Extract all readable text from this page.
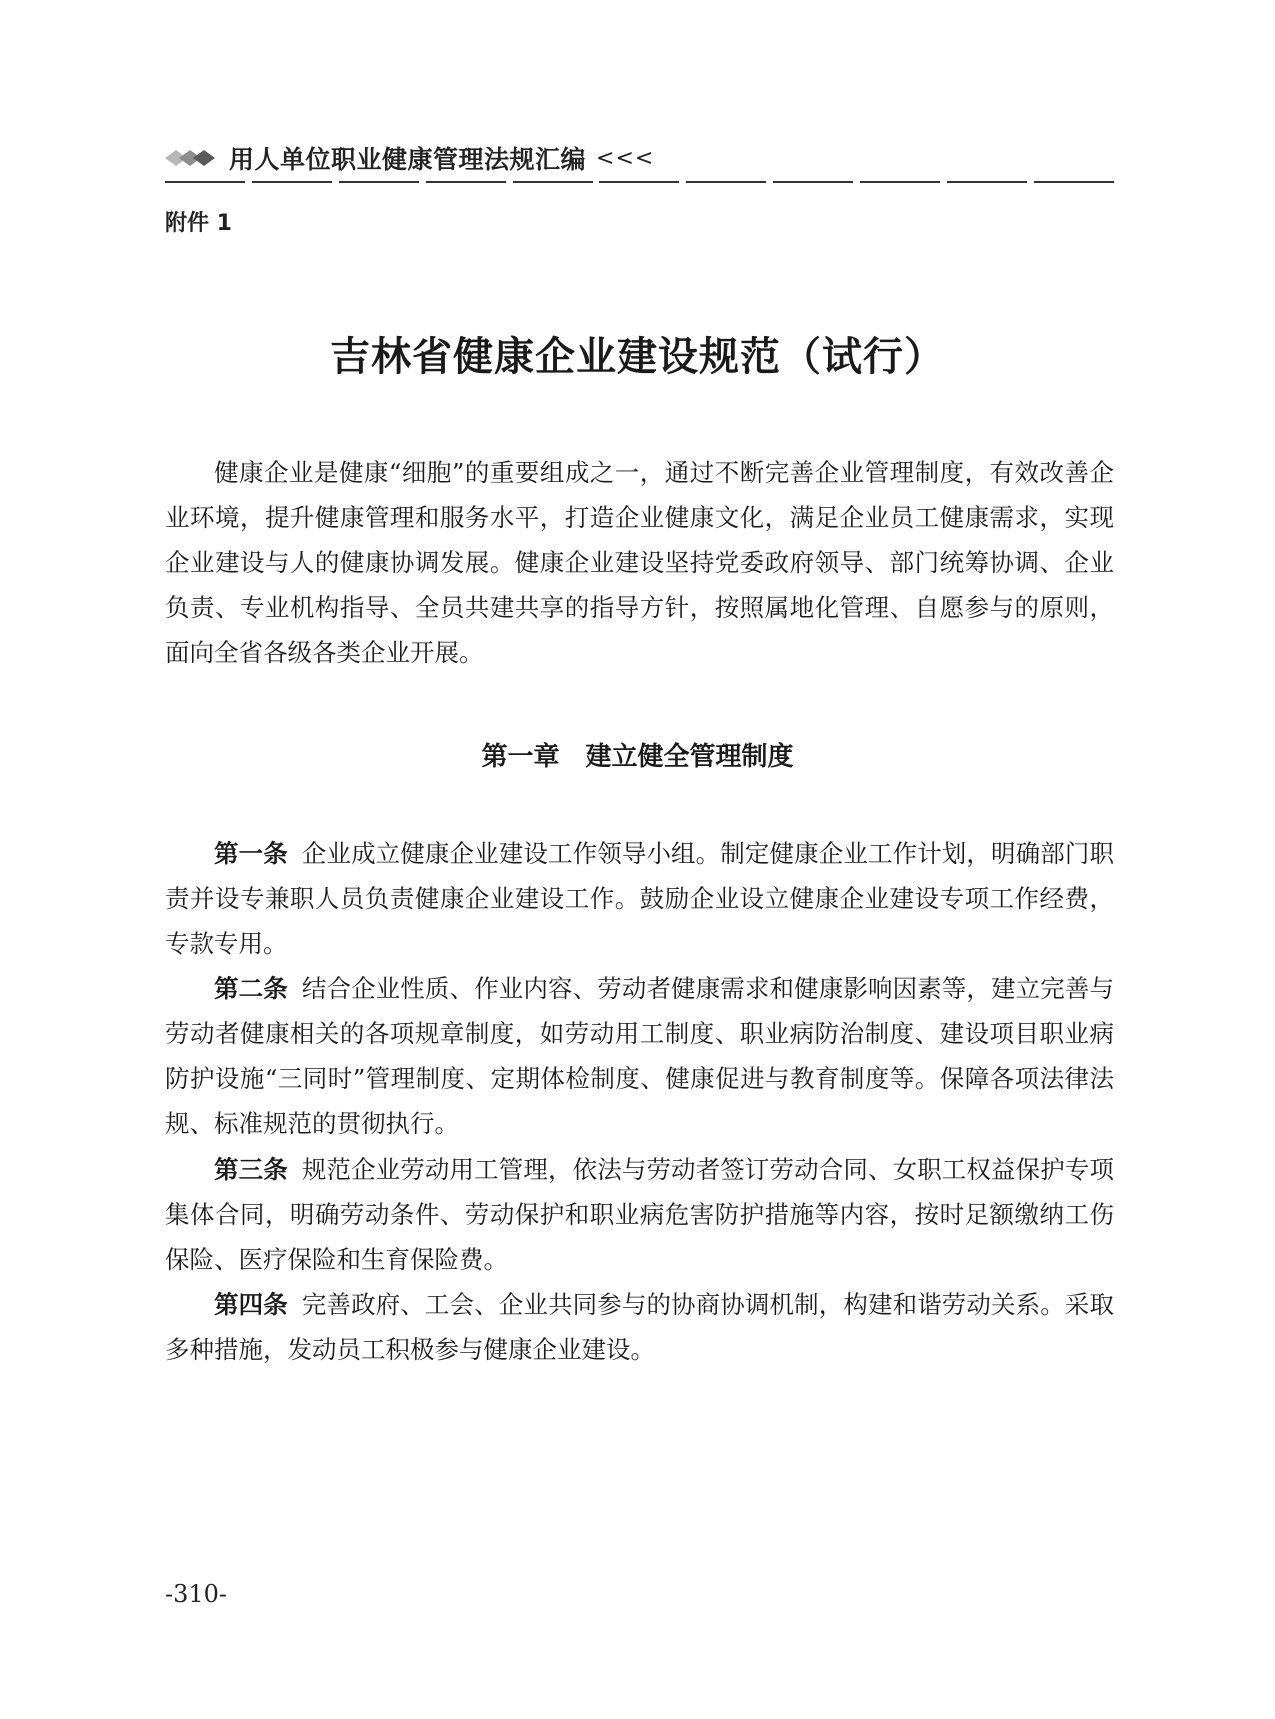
用人单位职业健康管理法规汇编 <<<
附件 1
吉林省健康企业建设规范（试行）

健康企业是健康“细胞”的重要组成之一，通过不断完善企业管理制度，有效改善企业环境，提升健康管理和服务水平，打造企业健康文化，满足企业员工健康需求，实现企业建设与人的健康协调发展。健康企业建设坚持党委政府领导、部门统筹协调、企业负责、专业机构指导、全员共建共享的指导方针，按照属地化管理、自愿参与的原则，面向全省各级各类企业开展。

第一章 建立健全管理制度

第一条 企业成立健康企业建设工作领导小组。制定健康企业工作计划，明确部门职责并设专兼职人员负责健康企业建设工作。鼓励企业设立健康企业建设专项工作经费，专款专用。

第二条 结合企业性质、作业内容、劳动者健康需求和健康影响因素等，建立完善与劳动者健康相关的各项规章制度，如劳动用工制度、职业病防治制度、建设项目职业病防护设施“三同时”管理制度、定期体检制度、健康促进与教育制度等。保障各项法律法规、标准规范的贯彻执行。

第三条 规范企业劳动用工管理，依法与劳动者签订劳动合同、女职工权益保护专项集体合同，明确劳动条件、劳动保护和职业病危害防护措施等内容，按时足额缴纳工伤保险、医疗保险和生育保险费。

第四条 完善政府、工会、企业共同参与的协商协调机制，构建和谐劳动关系。采取多种措施，发动员工积极参与健康企业建设。

-310-
